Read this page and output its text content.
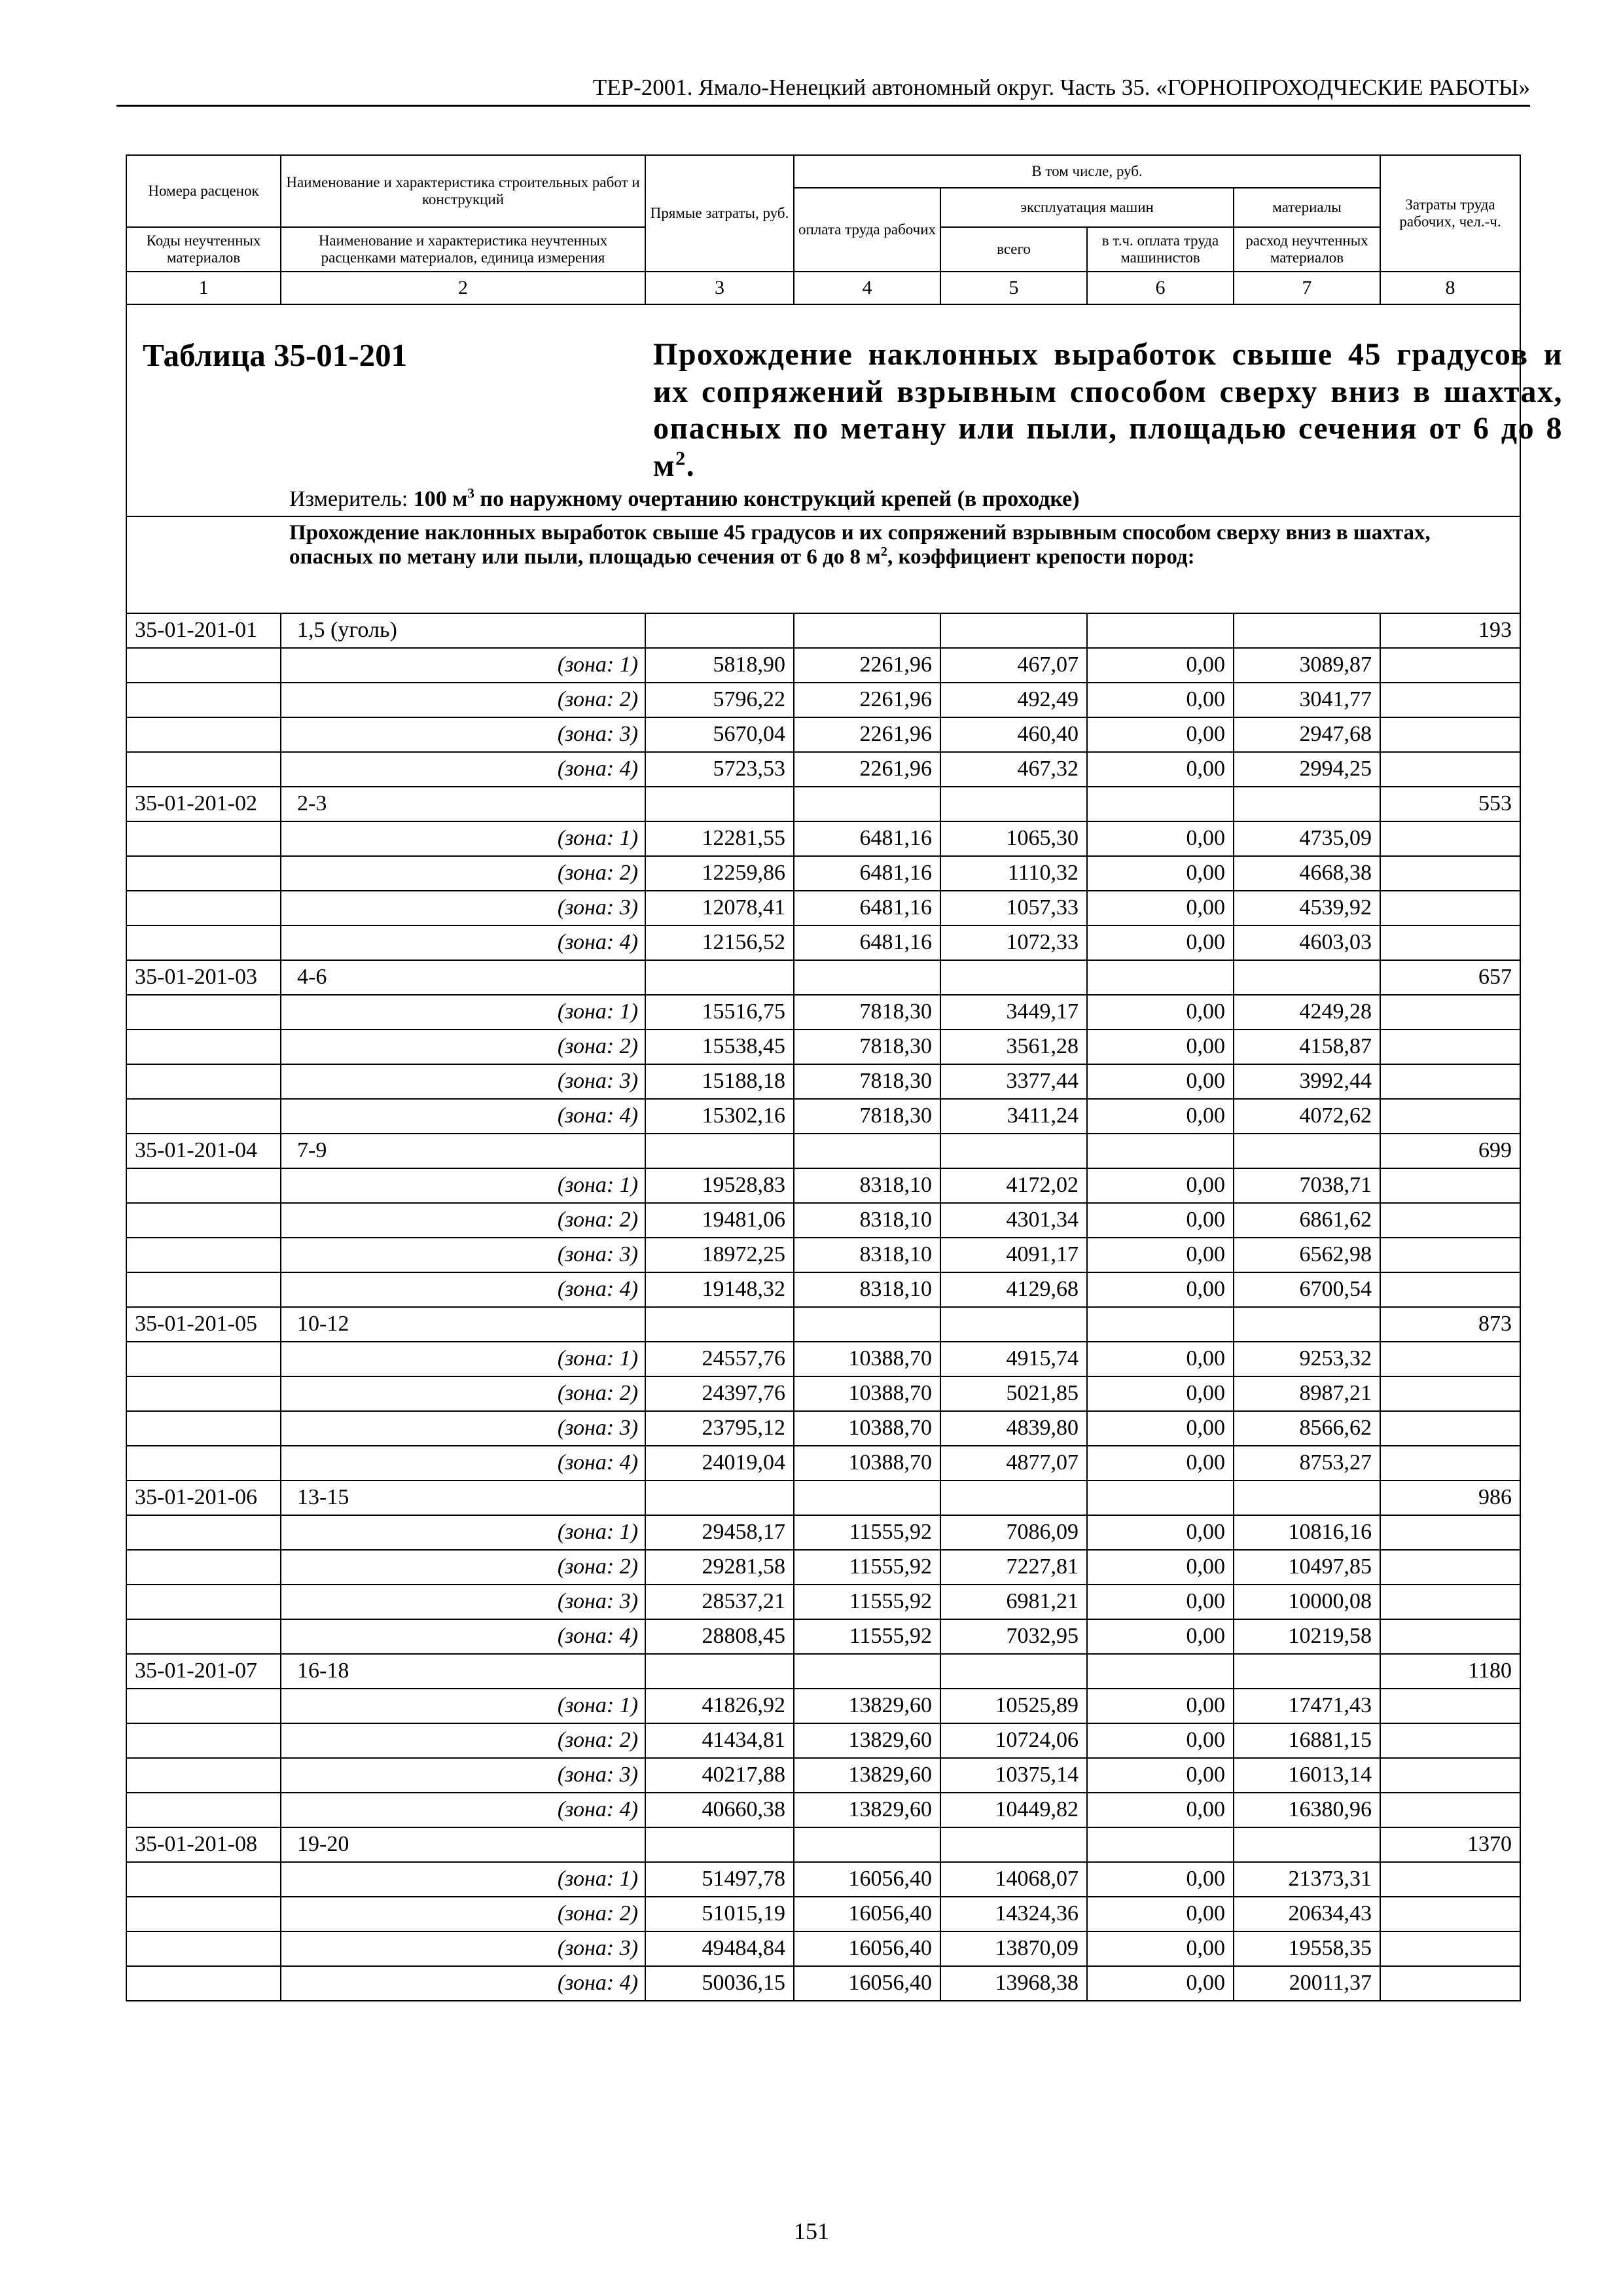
ТЕР-2001. Ямало-Ненецкий автономный округ. Часть 35. «ГОРНОПРОХОДЧЕСКИЕ РАБОТЫ»
Номера расценок	Наименование и характеристика строительных работ и конструкций	Прямые затраты, руб.	В том числе, руб.				Затраты труда рабочих, чел.-ч.
			оплата труда рабочих	эксплуатация машин		материалы	
Коды неучтенных материалов	Наименование и характеристика неучтенных расценками материалов, единица измерения			всего	в т.ч. оплата труда машинистов	расход неучтенных материалов	

1	2	3	4	5	6	7	8

Таблица 35-01-201 Прохождение наклонных выработок свыше 45 градусов и их сопряжений взрывным способом сверху вниз в шахтах, опасных по метану или пыли, площадью сечения от 6 до 8 $м^2$.
Измеритель: 100 $м^3$ по наружному очертанию конструкций крепей (в проходке)							

Прохождение наклонных выработок свыше 45 градусов и их сопряжений взрывным способом сверху вниз в шахтах, опасных по метану или пыли, площадью сечения от 6 до 8 $м^2$, коэффициент крепости пород:							
35-01-201-01	1,5 (уголь)						193
	(зона: 1)	5818,90	2261,96	467,07	0,00	3089,87	
	(зона: 2)	5796,22	2261,96	492,49	0,00	3041,77	
	(зона: 3)	5670,04	2261,96	460,40	0,00	2947,68	
	(зона: 4)	5723,53	2261,96	467,32	0,00	2994,25	
35-01-201-02	2-3						553
	(зона: 1)	12281,55	6481,16	1065,30	0,00	4735,09	
	(зона: 2)	12259,86	6481,16	1110,32	0,00	4668,38	
	(зона: 3)	12078,41	6481,16	1057,33	0,00	4539,92	
	(зона: 4)	12156,52	6481,16	1072,33	0,00	4603,03	
35-01-201-03	4-6						657
	(зона: 1)	15516,75	7818,30	3449,17	0,00	4249,28	
	(зона: 2)	15538,45	7818,30	3561,28	0,00	4158,87	
	(зона: 3)	15188,18	7818,30	3377,44	0,00	3992,44	
	(зона: 4)	15302,16	7818,30	3411,24	0,00	4072,62	
35-01-201-04	7-9						699
	(зона: 1)	19528,83	8318,10	4172,02	0,00	7038,71	
	(зона: 2)	19481,06	8318,10	4301,34	0,00	6861,62	
	(зона: 3)	18972,25	8318,10	4091,17	0,00	6562,98	
	(зона: 4)	19148,32	8318,10	4129,68	0,00	6700,54	
35-01-201-05	10-12						873
	(зона: 1)	24557,76	10388,70	4915,74	0,00	9253,32	
	(зона: 2)	24397,76	10388,70	5021,85	0,00	8987,21	
	(зона: 3)	23795,12	10388,70	4839,80	0,00	8566,62	
	(зона: 4)	24019,04	10388,70	4877,07	0,00	8753,27	
35-01-201-06	13-15						986
	(зона: 1)	29458,17	11555,92	7086,09	0,00	10816,16	
	(зона: 2)	29281,58	11555,92	7227,81	0,00	10497,85	
	(зона: 3)	28537,21	11555,92	6981,21	0,00	10000,08	
	(зона: 4)	28808,45	11555,92	7032,95	0,00	10219,58	
35-01-201-07	16-18						1180
	(зона: 1)	41826,92	13829,60	10525,89	0,00	17471,43	
	(зона: 2)	41434,81	13829,60	10724,06	0,00	16881,15	
	(зона: 3)	40217,88	13829,60	10375,14	0,00	16013,14	
	(зона: 4)	40660,38	13829,60	10449,82	0,00	16380,96	
35-01-201-08	19-20						1370
	(зона: 1)	51497,78	16056,40	14068,07	0,00	21373,31	
	(зона: 2)	51015,19	16056,40	14324,36	0,00	20634,43	
	(зона: 3)	49484,84	16056,40	13870,09	0,00	19558,35	
	(зона: 4)	50036,15	16056,40	13968,38	0,00	20011,37	
151
